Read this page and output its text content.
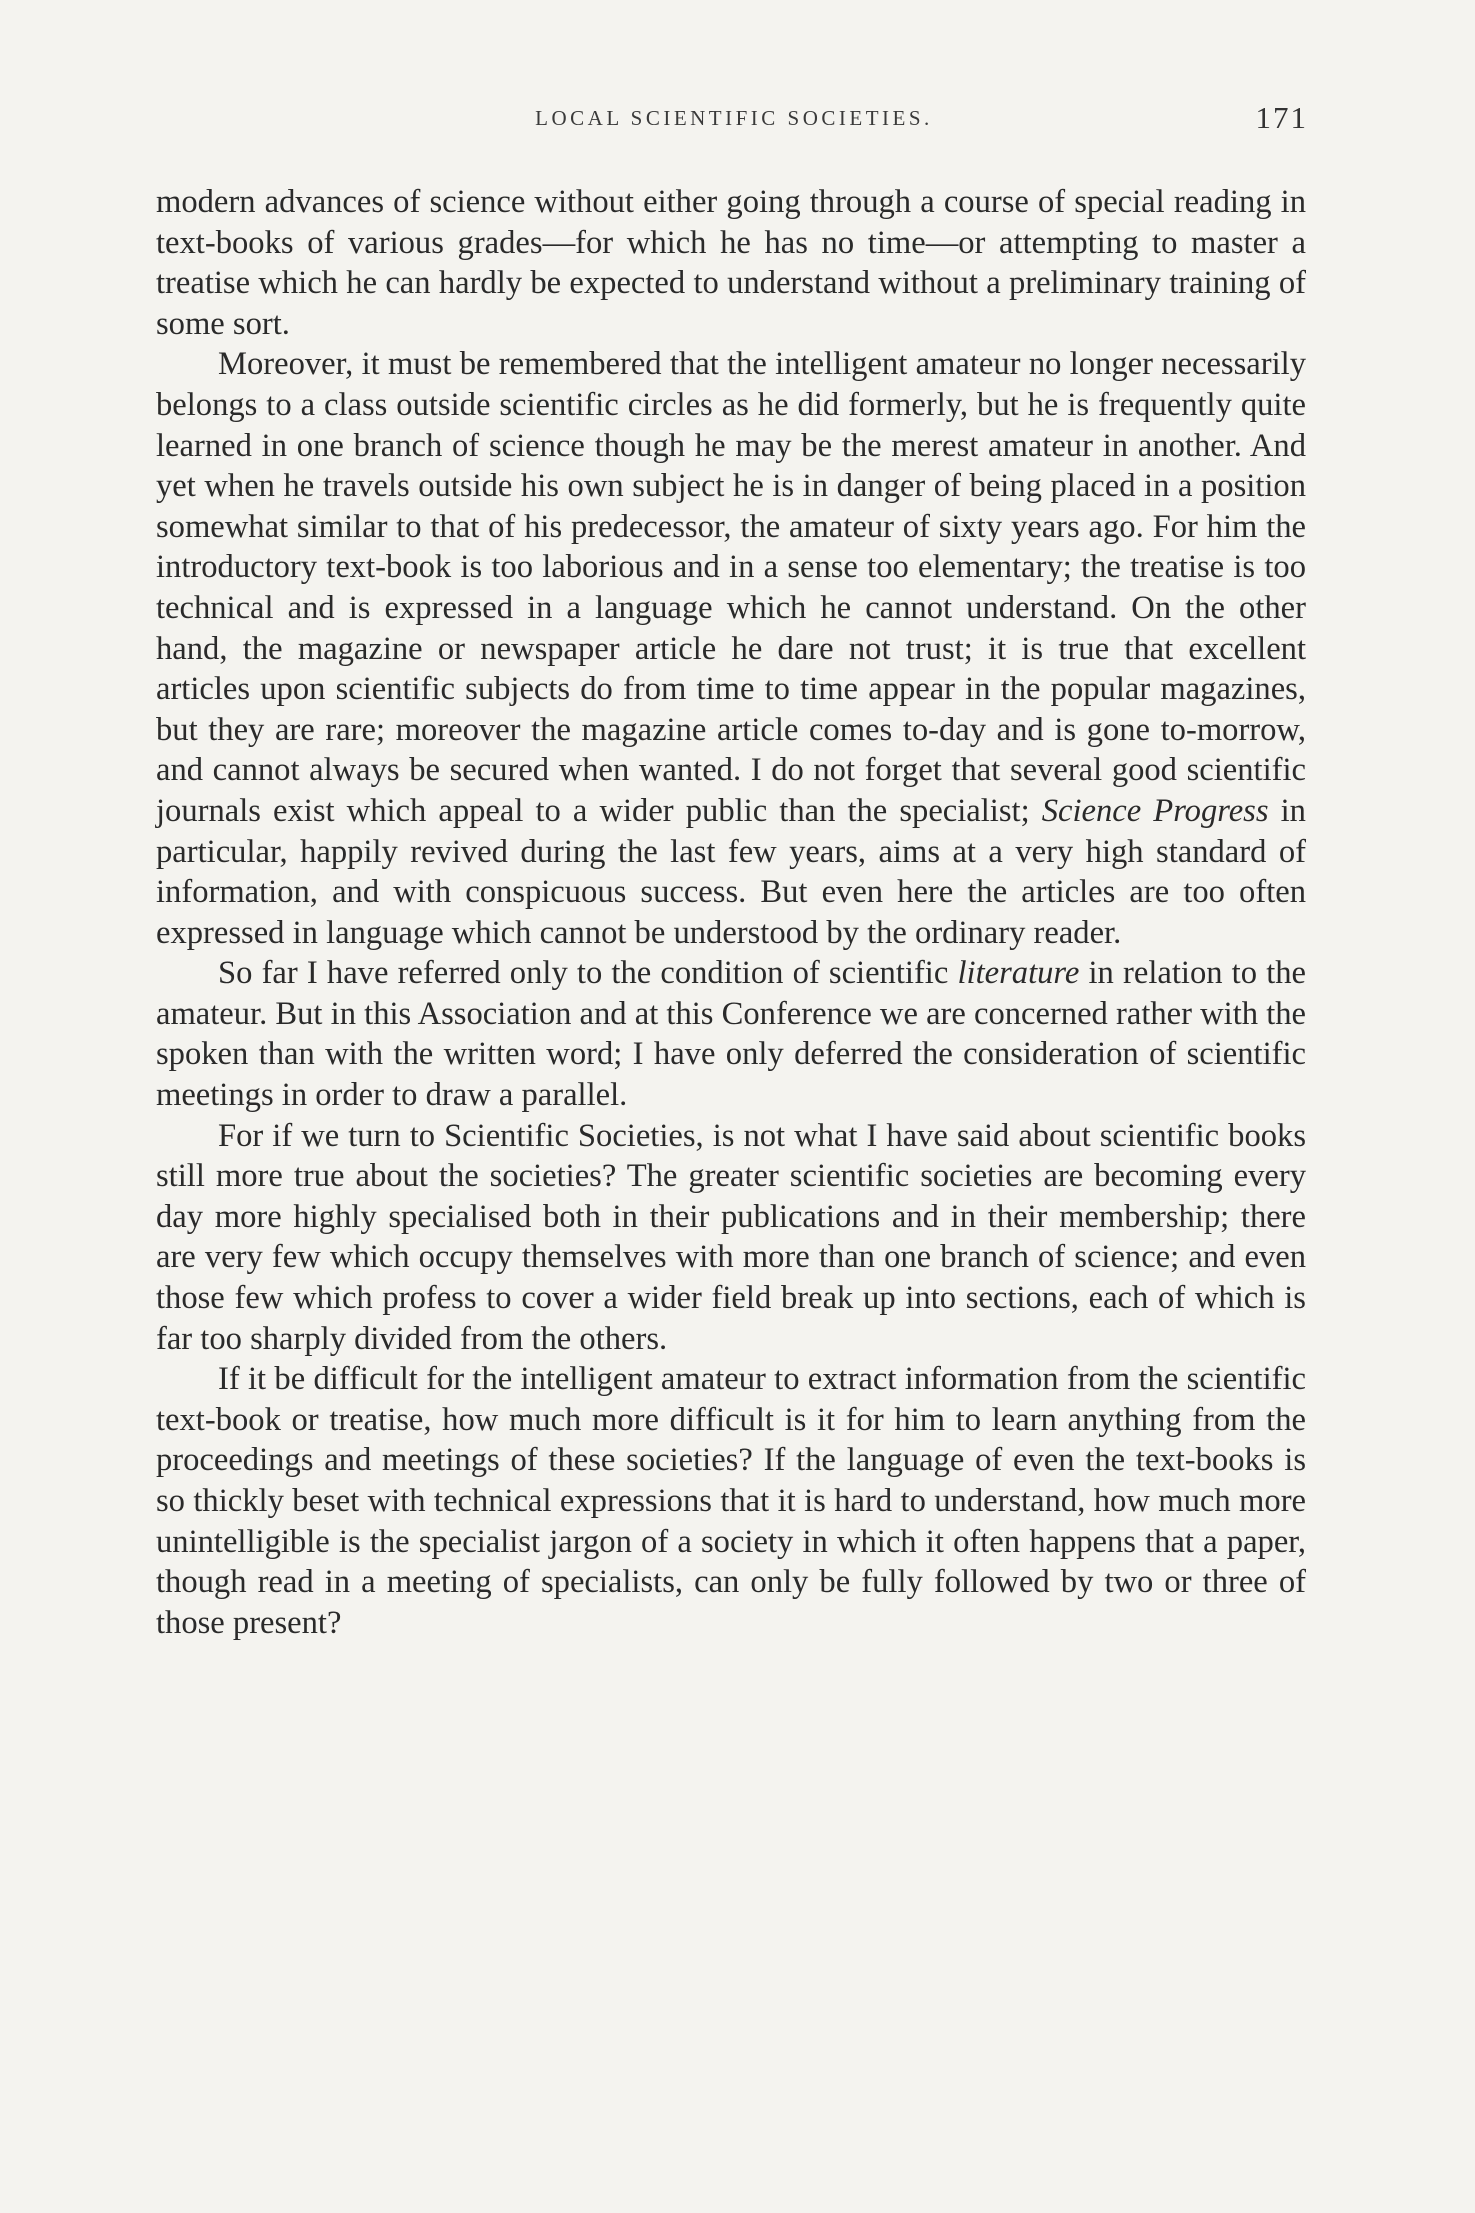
LOCAL SCIENTIFIC SOCIETIES.	171

modern advances of science without either going through a course of special reading in text-books of various grades—for which he has no time—or attempting to master a treatise which he can hardly be expected to understand without a preliminary training of some sort.

Moreover, it must be remembered that the intelligent amateur no longer necessarily belongs to a class outside scientific circles as he did formerly, but he is frequently quite learned in one branch of science though he may be the merest amateur in another. And yet when he travels outside his own subject he is in danger of being placed in a position somewhat similar to that of his predecessor, the amateur of sixty years ago. For him the introductory text-book is too laborious and in a sense too elementary; the treatise is too technical and is expressed in a language which he cannot understand. On the other hand, the magazine or newspaper article he dare not trust; it is true that excellent articles upon scientific subjects do from time to time appear in the popular magazines, but they are rare; moreover the magazine article comes to-day and is gone to-morrow, and cannot always be secured when wanted. I do not forget that several good scientific journals exist which appeal to a wider public than the specialist; Science Progress in particular, happily revived during the last few years, aims at a very high standard of information, and with conspicuous success. But even here the articles are too often expressed in language which cannot be understood by the ordinary reader.

So far I have referred only to the condition of scientific literature in relation to the amateur. But in this Association and at this Conference we are concerned rather with the spoken than with the written word; I have only deferred the consideration of scientific meetings in order to draw a parallel.

For if we turn to Scientific Societies, is not what I have said about scientific books still more true about the societies? The greater scientific societies are becoming every day more highly specialised both in their publications and in their membership; there are very few which occupy themselves with more than one branch of science; and even those few which profess to cover a wider field break up into sections, each of which is far too sharply divided from the others.

If it be difficult for the intelligent amateur to extract information from the scientific text-book or treatise, how much more difficult is it for him to learn anything from the proceedings and meetings of these societies? If the language of even the text-books is so thickly beset with technical expressions that it is hard to understand, how much more unintelligible is the specialist jargon of a society in which it often happens that a paper, though read in a meeting of specialists, can only be fully followed by two or three of those present?
